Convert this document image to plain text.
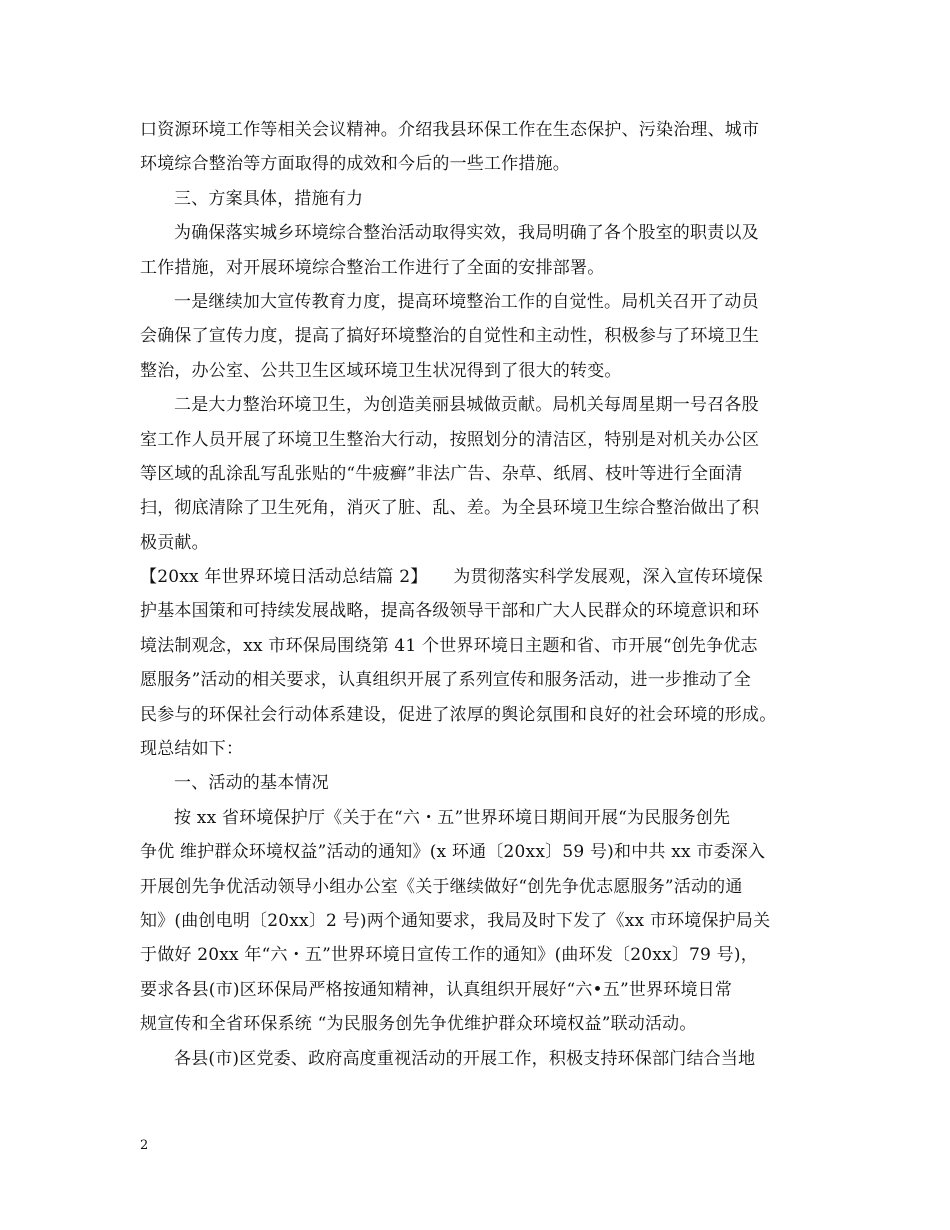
口资源环境工作等相关会议精神。介绍我县环保工作在生态保护、污染治理、城市
环境综合整治等方面取得的成效和今后的一些工作措施。
三、方案具体，措施有力
为确保落实城乡环境综合整治活动取得实效，我局明确了各个股室的职责以及
工作措施，对开展环境综合整治工作进行了全面的安排部署。
一是继续加大宣传教育力度，提高环境整治工作的自觉性。局机关召开了动员
会确保了宣传力度，提高了搞好环境整治的自觉性和主动性，积极参与了环境卫生
整治，办公室、公共卫生区域环境卫生状况得到了很大的转变。
二是大力整治环境卫生，为创造美丽县城做贡献。局机关每周星期一号召各股
室工作人员开展了环境卫生整治大行动，按照划分的清洁区，特别是对机关办公区
等区域的乱涂乱写乱张贴的“牛疲癣”非法广告、杂草、纸屑、枝叶等进行全面清
扫，彻底清除了卫生死角，消灭了脏、乱、差。为全县环境卫生综合整治做出了积
极贡献。
【20xx 年世界环境日活动总结篇 2】　　为贯彻落实科学发展观，深入宣传环境保
护基本国策和可持续发展战略，提高各级领导干部和广大人民群众的环境意识和环
境法制观念，xx 市环保局围绕第 41 个世界环境日主题和省、市开展“创先争优志
愿服务”活动的相关要求，认真组织开展了系列宣传和服务活动，进一步推动了全
民参与的环保社会行动体系建设，促进了浓厚的舆论氛围和良好的社会环境的形成。
现总结如下：
一、活动的基本情况
按 xx 省环境保护厅《关于在“六・五”世界环境日期间开展“为民服务创先
争优 维护群众环境权益”活动的通知》(x 环通〔20xx〕59 号)和中共 xx 市委深入
开展创先争优活动领导小组办公室《关于继续做好“创先争优志愿服务”活动的通
知》(曲创电明〔20xx〕2 号)两个通知要求，我局及时下发了《xx 市环境保护局关
于做好 20xx 年“六・五”世界环境日宣传工作的通知》(曲环发〔20xx〕79 号)，
要求各县(市)区环保局严格按通知精神，认真组织开展好“六•五”世界环境日常
规宣传和全省环保系统 “为民服务创先争优维护群众环境权益”联动活动。
各县(市)区党委、政府高度重视活动的开展工作，积极支持环保部门结合当地
2
